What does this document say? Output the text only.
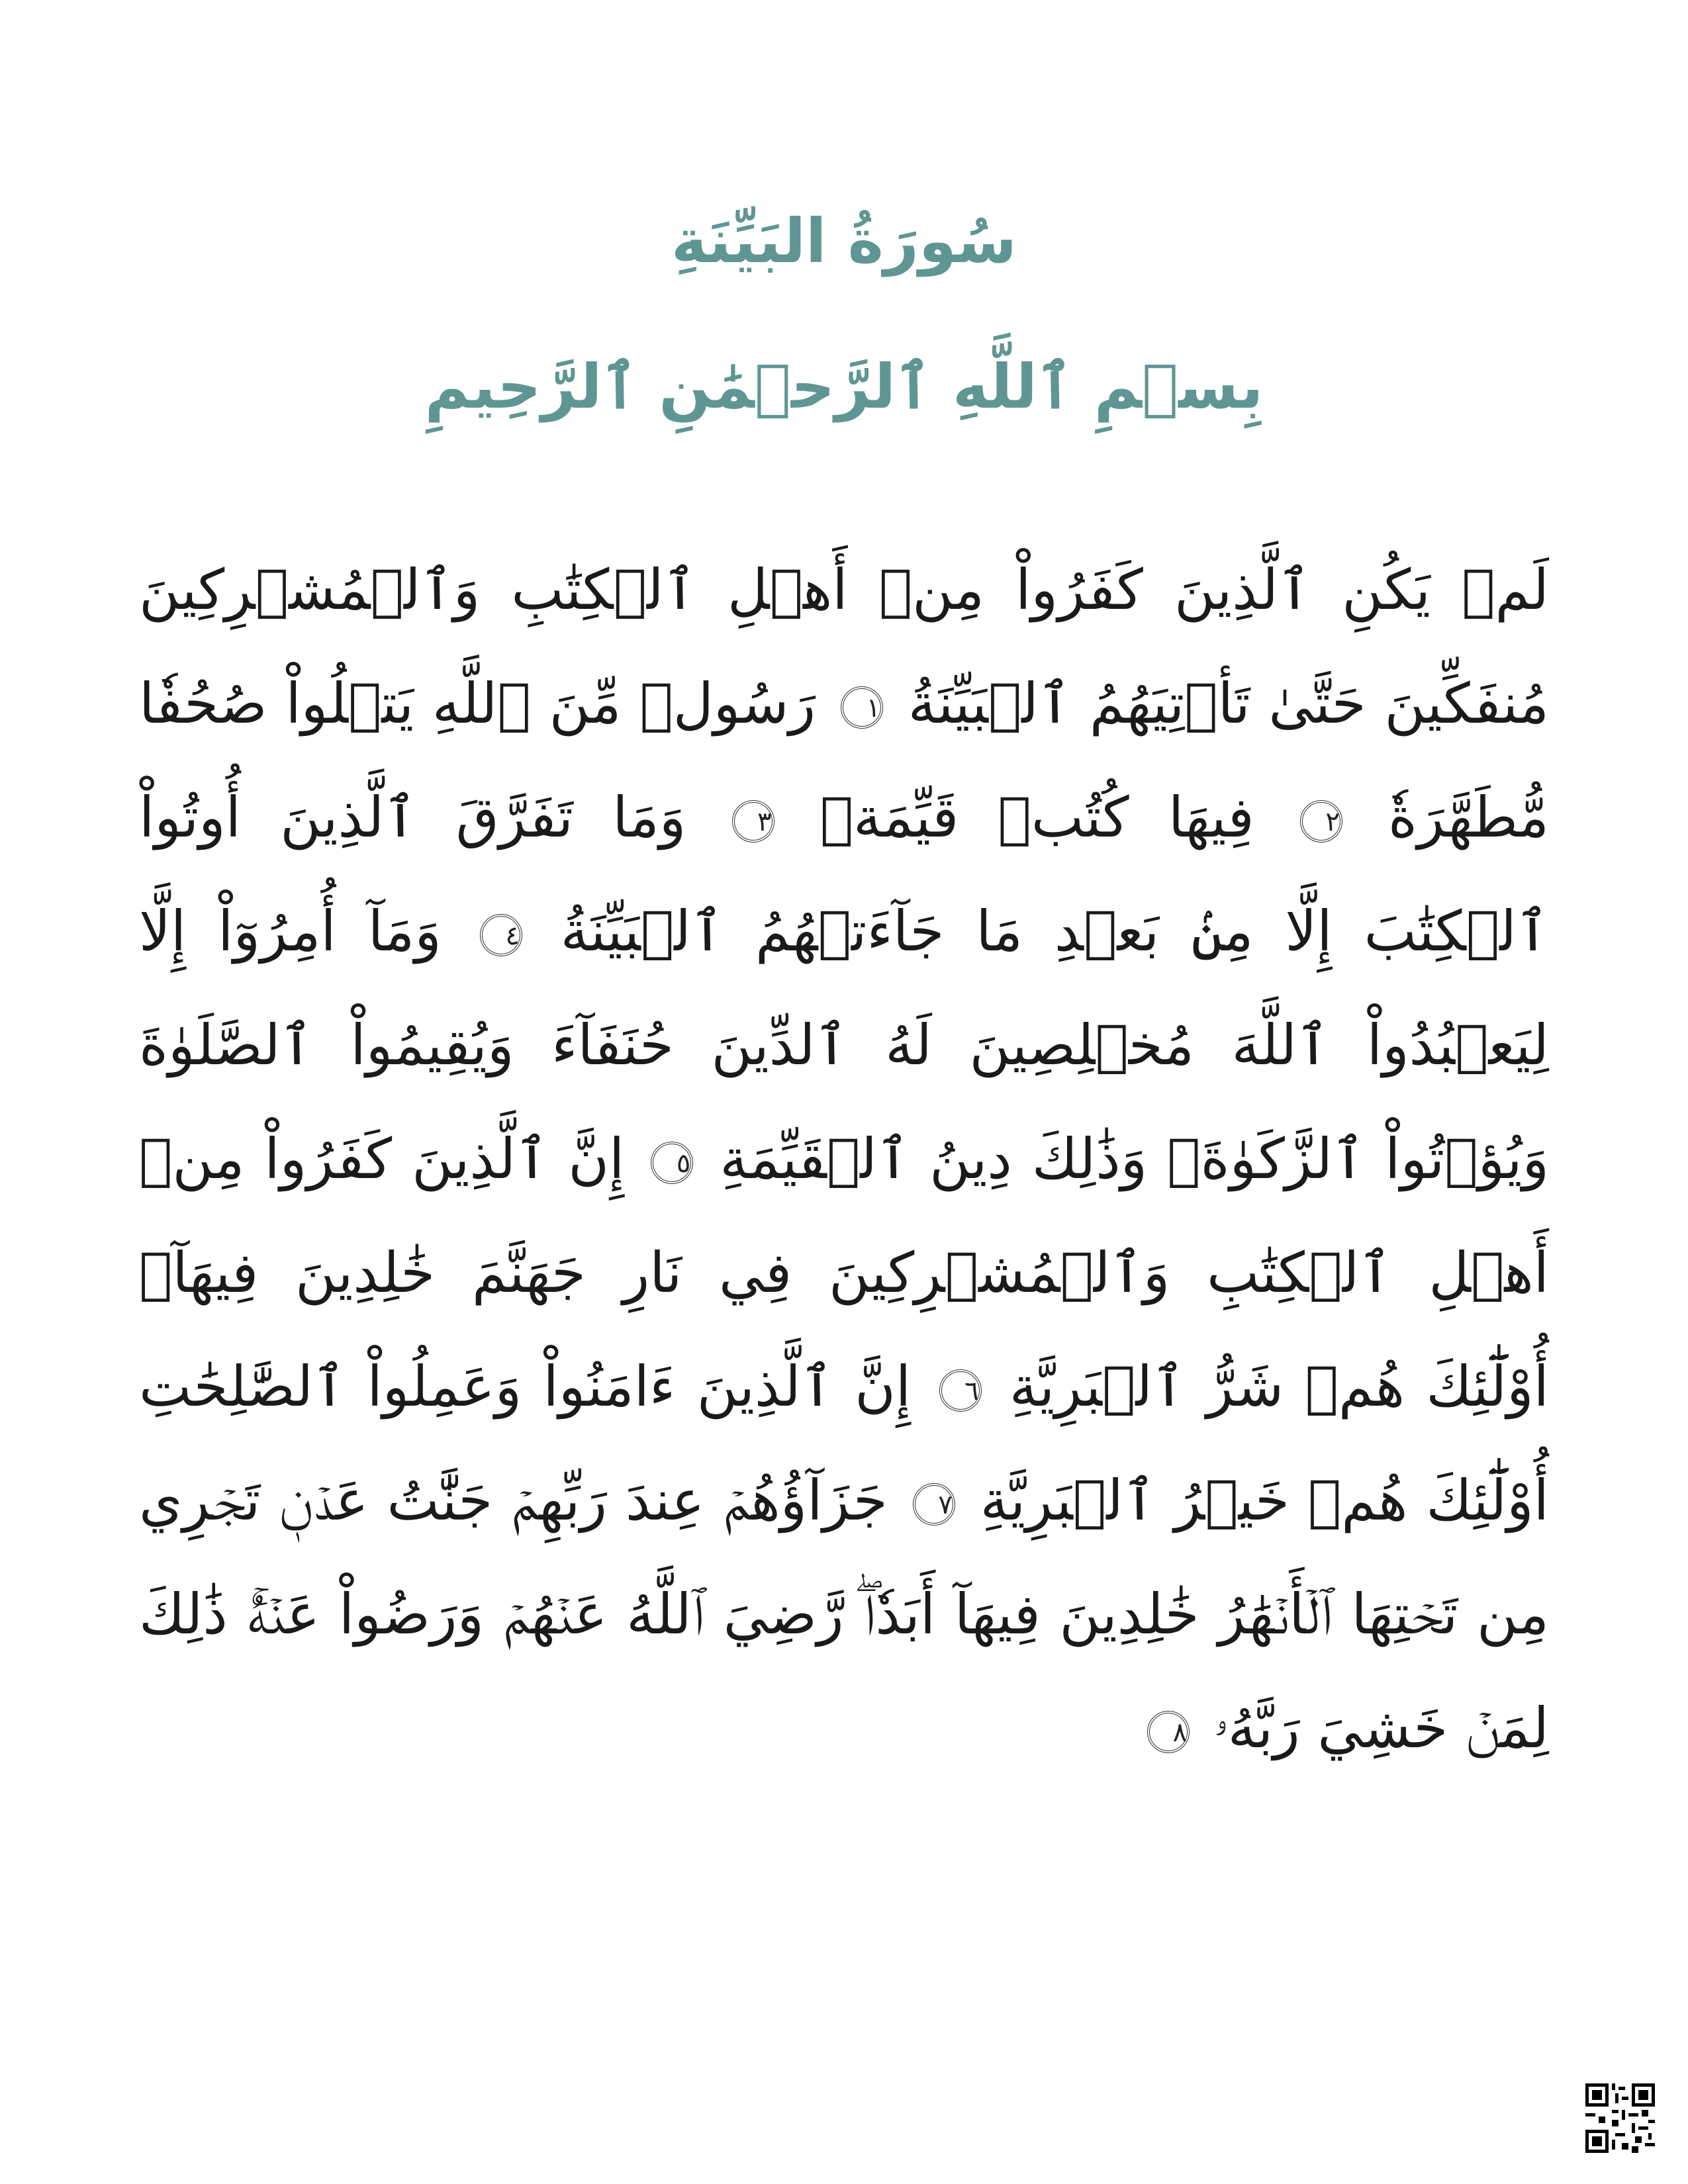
سُورَةُ البَيِّنَةِ
بِسۡمِ ٱللَّهِ ٱلرَّحۡمَٰنِ ٱلرَّحِيمِ
لَمۡ يَكُنِ ٱلَّذِينَ كَفَرُواْ مِنۡ أَهۡلِ ٱلۡكِتَٰبِ وَٱلۡمُشۡرِكِينَ مُنفَكِّينَ حَتَّىٰ تَأۡتِيَهُمُ ٱلۡبَيِّنَةُ ١ رَسُولٞ مِّنَ ٱللَّهِ يَتۡلُواْ صُحُفٗا مُّطَهَّرَةٗ ٢ فِيهَا كُتُبٞ قَيِّمَةٞ ٣ وَمَا تَفَرَّقَ ٱلَّذِينَ أُوتُواْ ٱلۡكِتَٰبَ إِلَّا مِنۢ بَعۡدِ مَا جَآءَتۡهُمُ ٱلۡبَيِّنَةُ ٤ وَمَآ أُمِرُوٓاْ إِلَّا لِيَعۡبُدُواْ ٱللَّهَ مُخۡلِصِينَ لَهُ ٱلدِّينَ حُنَفَآءَ وَيُقِيمُواْ ٱلصَّلَوٰةَ وَيُؤۡتُواْ ٱلزَّكَوٰةَۚ وَذَٰلِكَ دِينُ ٱلۡقَيِّمَةِ ٥ إِنَّ ٱلَّذِينَ كَفَرُواْ مِنۡ أَهۡلِ ٱلۡكِتَٰبِ وَٱلۡمُشۡرِكِينَ فِي نَارِ جَهَنَّمَ خَٰلِدِينَ فِيهَآۚ أُوْلَٰٓئِكَ هُمۡ شَرُّ ٱلۡبَرِيَّةِ ٦ إِنَّ ٱلَّذِينَ ءَامَنُواْ وَعَمِلُواْ ٱلصَّٰلِحَٰتِ أُوْلَٰٓئِكَ هُمۡ خَيۡرُ ٱلۡبَرِيَّةِ ٧ جَزَآؤُهُمۡ عِندَ رَبِّهِمۡ جَنَّٰتُ عَدۡنٖ تَجۡرِي مِن تَحۡتِهَا ٱلۡأَنۡهَٰرُ خَٰلِدِينَ فِيهَآ أَبَدٗاۖ رَّضِيَ ٱللَّهُ عَنۡهُمۡ وَرَضُواْ عَنۡهُۚ ذَٰلِكَ لِمَنۡ خَشِيَ رَبَّهُۥ ٨
